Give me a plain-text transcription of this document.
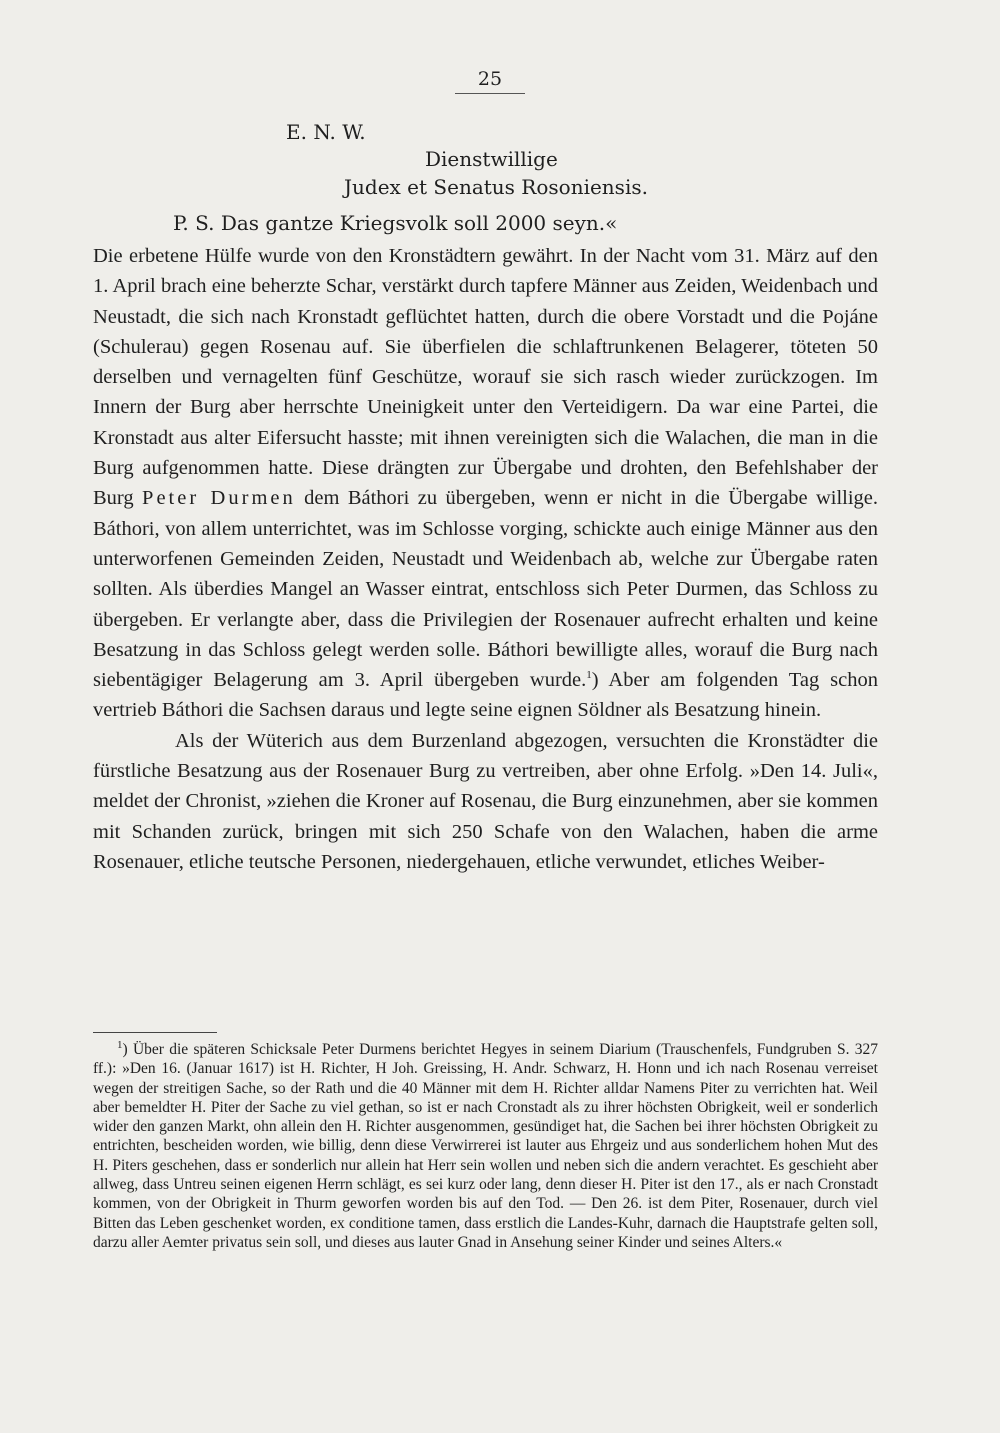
25
E. N. W.
Dienstwillige
Judex et Senatus Rosoniensis.
P. S. Das gantze Kriegsvolk soll 2000 seyn.«

Die erbetene Hülfe wurde von den Kronstädtern gewährt. In der Nacht vom 31. März auf den 1. April brach eine beherzte Schar, verstärkt durch tapfere Männer aus Zeiden, Weidenbach und Neustadt, die sich nach Kronstadt geflüchtet hatten, durch die obere Vorstadt und die Pojáne (Schulerau) gegen Rosenau auf. Sie überfielen die schlaftrunkenen Belagerer, töteten 50 derselben und vernagelten fünf Geschütze, worauf sie sich rasch wieder zurückzogen. Im Innern der Burg aber herrschte Uneinigkeit unter den Verteidigern. Da war eine Partei, die Kronstadt aus alter Eifersucht hasste; mit ihnen vereinigten sich die Walachen, die man in die Burg aufgenommen hatte. Diese drängten zur Übergabe und drohten, den Befehlshaber der Burg Peter Durmen dem Báthori zu übergeben, wenn er nicht in die Übergabe willige. Báthori, von allem unterrichtet, was im Schlosse vorging, schickte auch einige Männer aus den unterworfenen Gemeinden Zeiden, Neustadt und Weidenbach ab, welche zur Übergabe raten sollten. Als überdies Mangel an Wasser eintrat, entschloss sich Peter Durmen, das Schloss zu übergeben. Er verlangte aber, dass die Privilegien der Rosenauer aufrecht erhalten und keine Besatzung in das Schloss gelegt werden solle. Báthori bewilligte alles, worauf die Burg nach siebentägiger Belagerung am 3. April übergeben wurde.$^1$) Aber am folgenden Tag schon vertrieb Báthori die Sachsen daraus und legte seine eignen Söldner als Besatzung hinein.

Als der Wüterich aus dem Burzenland abgezogen, versuchten die Kronstädter die fürstliche Besatzung aus der Rosenauer Burg zu vertreiben, aber ohne Erfolg. »Den 14. Juli«, meldet der Chronist, »ziehen die Kroner auf Rosenau, die Burg einzunehmen, aber sie kommen mit Schanden zurück, bringen mit sich 250 Schafe von den Walachen, haben die arme Rosenauer, etliche teutsche Personen, niedergehauen, etliche verwundet, etliches Weiber-

$^1$) Über die späteren Schicksale Peter Durmens berichtet Hegyes in seinem Diarium (Trauschenfels, Fundgruben S. 327 ff.): »Den 16. (Januar 1617) ist H. Richter, H Joh. Greissing, H. Andr. Schwarz, H. Honn und ich nach Rosenau verreiset wegen der streitigen Sache, so der Rath und die 40 Männer mit dem H. Richter alldar Namens Piter zu verrichten hat. Weil aber bemeldter H. Piter der Sache zu viel gethan, so ist er nach Cronstadt als zu ihrer höchsten Obrigkeit, weil er sonderlich wider den ganzen Markt, ohn allein den H. Richter ausgenommen, gesündiget hat, die Sachen bei ihrer höchsten Obrigkeit zu entrichten, bescheiden worden, wie billig, denn diese Verwirrerei ist lauter aus Ehrgeiz und aus sonderlichem hohen Mut des H. Piters geschehen, dass er sonderlich nur allein hat Herr sein wollen und neben sich die andern verachtet. Es geschieht aber allweg, dass Untreu seinen eigenen Herrn schlägt, es sei kurz oder lang, denn dieser H. Piter ist den 17., als er nach Cronstadt kommen, von der Obrigkeit in Thurm geworfen worden bis auf den Tod. — Den 26. ist dem Piter, Rosenauer, durch viel Bitten das Leben geschenket worden, ex conditione tamen, dass erstlich die Landes-Kuhr, darnach die Hauptstrafe gelten soll, darzu aller Aemter privatus sein soll, und dieses aus lauter Gnad in Ansehung seiner Kinder und seines Alters.«
